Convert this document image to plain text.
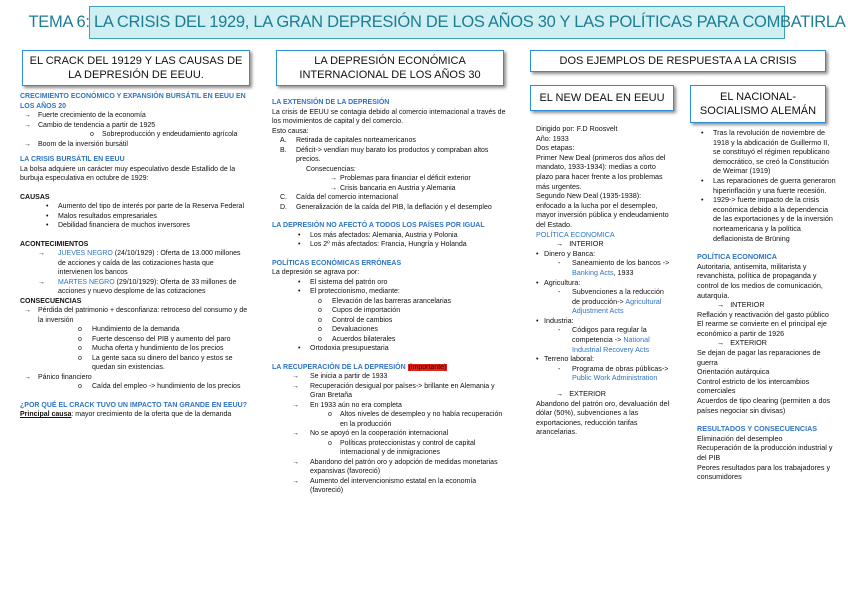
TEMA 6: LA CRISIS DEL 1929, LA GRAN DEPRESIÓN DE LOS AÑOS 30 Y LAS POLÍTICAS PARA COMBATIRLA
EL CRACK DEL 19129 Y LAS CAUSAS DE LA DEPRESIÓN DE EEUU.

CRECIMIENTO ECONÓMICO Y EXPANSIÓN BURSÁTIL EN EEUU EN LOS AÑOS 20

→	Fuerte crecimiento de la economía
→	Cambio de tendencia a partir de 1925
o	Sobreproducción y endeudamiento agrícola
→	Boom de la inversión bursátil

LA CRISIS BURSÁTIL EN EEUU

La bolsa adquiere un carácter muy especulativo desde Estallido de la burbuja especulativa en octubre de 1929:

CAUSAS

•	Aumento del tipo de interés por parte de la Reserva Federal
•	Malos resultados empresariales
•	Debilidad financiera de muchos inversores

ACONTECIMIENTOS

→	JUEVES NEGRO (24/10/1929) : Oferta de 13.000 millones de acciones y caída de las cotizaciones hasta que intervienen los bancos
→	MARTES NEGRO (29/10/1929): Oferta de 33 millones de acciones y nuevo desplome de las cotizaciones

CONSECUENCIAS

→	Pérdida del patrimonio + desconfianza: retroceso del consumo y de la inversión
o	Hundimiento de la demanda
o	Fuerte descenso del PIB y aumento del paro
o	Mucha oferta y hundimiento de los precios
o	La gente saca su dinero del banco y estos se quedan sin existencias.
→	Pánico financiero
o	Caída del empleo -> hundimiento de los precios

¿POR QUÉ EL CRACK TUVO UN IMPACTO TAN GRANDE EN EEUU?

Principal causa: mayor crecimiento de la oferta que de la demanda

LA DEPRESIÓN ECONÓMICA INTERNACIONAL DE LOS AÑOS 30

LA EXTENSIÓN DE LA DEPRESIÓN

La crisis de EEUU se contagia debido al comercio internacional a través de los movimientos de capital y del comercio.

Esto causa:

A.	Retirada de capitales norteamericanos
B.	Déficit-> vendían muy barato los productos y compraban altos precios.

Consecuencias:

→ Problemas para financiar el déficit exterior
→ Crisis bancaria en Austria y Alemania
C.	Caída del comercio internacional
D.	Generalización de la caída del PIB, la deflación y el desempleo

LA DEPRESIÓN NO AFECTÓ A TODOS LOS PAÍSES POR IGUAL

•	Los más afectados: Alemania, Austria y Polonia
•	Los 2º más afectados: Francia, Hungría y Holanda

POLÍTICAS ECONÓMICAS ERRÓNEAS

La depresión se agrava por:

•	El sistema del patrón oro
•	El proteccionismo, mediante:
o	Elevación de las barreras arancelarias
o	Cupos de importación
o	Control de cambios
o	Devaluaciones
o	Acuerdos bilaterales
•	Ortodoxia presupuestaria

LA RECUPERACIÓN DE LA DEPRESIÓN (importante)

→	Se inicia a partir de 1933
→	Recuperación desigual por países-> brillante en Alemania y Gran Bretaña
→	En 1933 aún no era completa
o	Altos niveles de desempleo y no había recuperación en la producción
→	No se apoyó en la cooperación internacional
o	Políticas proteccionistas y control de capital internacional y de inmigraciones
→	Abandono del patrón oro y adopción de medidas monetarias expansivas (favoreció)
→	Aumento del intervencionismo estatal en la economía (favoreció)
DOS EJEMPLOS DE RESPUESTA A LA CRISIS
EL NEW DEAL EN EEUU

Dirigido por: F.D Roosvelt

Año: 1933

Dos etapas:

Primer New Deal (primeros dos años del mandato, 1933-1934): medias a corto plazo para hacer frente a los problemas más urgentes.

Segundo New Deal (1935-1938): enfocado a la lucha por el desempleo, mayor inversión pública y endeudamiento del Estado.

POLÍTICA ECONOMICA

→ INTERIOR

• Dinero y Banca:
-	Saneamiento de los bancos -> Banking Acts, 1933
• Agricultura:
-	Subvenciones a la reducción de producción-> Agricultural Adjustment Acts
• Industria:
-	Códigos para regular la competencia -> National Industrial Recovery Acts
• Terreno laboral:
-	Programa de obras públicas-> Public Work Administration

→ EXTERIOR

Abandono del patrón oro, devaluación del dólar (50%), subvenciones a las exportaciones, reducción tarifas arancelarias.

EL NACIONAL-SOCIALISMO ALEMÁN
•	Tras la revolución de noviembre de 1918 y la abdicación de Guillermo II, se constituyó el régimen republicano democrático, se creó la Constitución de Weimar (1919)
•	Las reparaciones de guerra generaron hiperinflación y una fuerte recesión.
•	1929-> fuerte impacto de la crisis económica debido a la dependencia de las exportaciones y de la inversión norteamericana y la política deflacionista de Brüning

POLÍTICA ECONOMICA

Autoritaria, antisemita, militarista y revanchista, política de propaganda y control de los medios de comunicación, autarquía.

→ INTERIOR

Reflación y reactivación del gasto público

El rearme se convierte en el principal eje económico a partir de 1926

→ EXTERIOR

Se dejan de pagar las reparaciones de guerra

Orientación autárquica

Control estricto de los intercambios comerciales

Acuerdos de tipo clearing (permiten a dos países negociar sin divisas)

RESULTADOS Y CONSECUENCIAS

Eliminación del desempleo

Recuperación de la producción industrial y del PIB

Peores resultados para los trabajadores y consumidores
